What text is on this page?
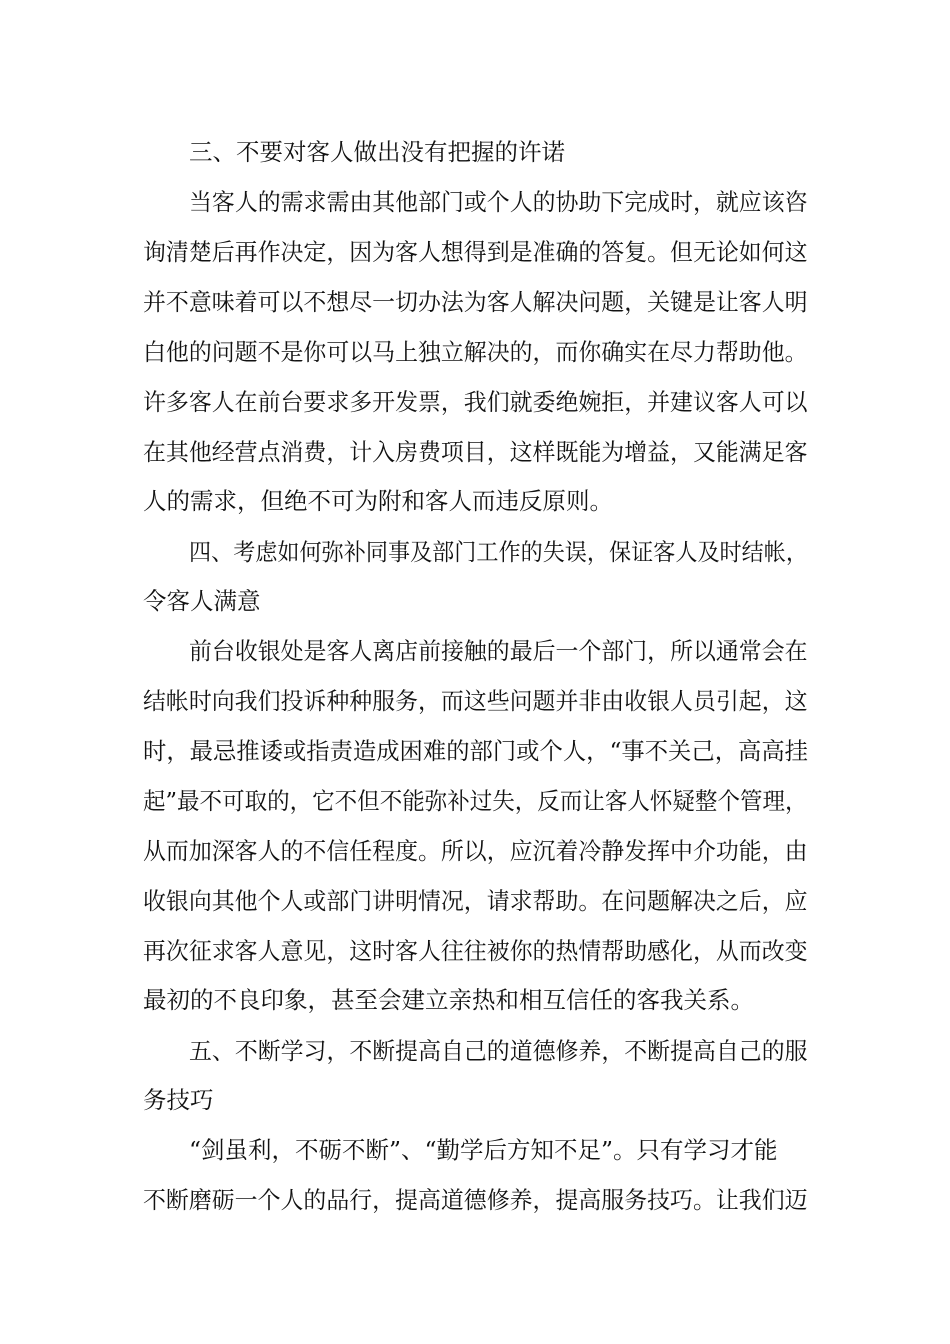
三、不要对客人做出没有把握的许诺
当客人的需求需由其他部门或个人的协助下完成时，就应该咨
询清楚后再作决定，因为客人想得到是准确的答复。但无论如何这
并不意味着可以不想尽一切办法为客人解决问题，关键是让客人明
白他的问题不是你可以马上独立解决的，而你确实在尽力帮助他。
许多客人在前台要求多开发票，我们就委绝婉拒，并建议客人可以
在其他经营点消费，计入房费项目，这样既能为增益，又能满足客
人的需求，但绝不可为附和客人而违反原则。
四、考虑如何弥补同事及部门工作的失误，保证客人及时结帐，
令客人满意
前台收银处是客人离店前接触的最后一个部门，所以通常会在
结帐时向我们投诉种种服务，而这些问题并非由收银人员引起，这
时，最忌推诿或指责造成困难的部门或个人，“事不关己，高高挂
起”最不可取的，它不但不能弥补过失，反而让客人怀疑整个管理，
从而加深客人的不信任程度。所以，应沉着冷静发挥中介功能，由
收银向其他个人或部门讲明情况，请求帮助。在问题解决之后，应
再次征求客人意见，这时客人往往被你的热情帮助感化，从而改变
最初的不良印象，甚至会建立亲热和相互信任的客我关系。
五、不断学习，不断提高自己的道德修养，不断提高自己的服
务技巧
“剑虽利，不砺不断”、“勤学后方知不足”。只有学习才能
不断磨砺一个人的品行，提高道德修养，提高服务技巧。让我们迈
